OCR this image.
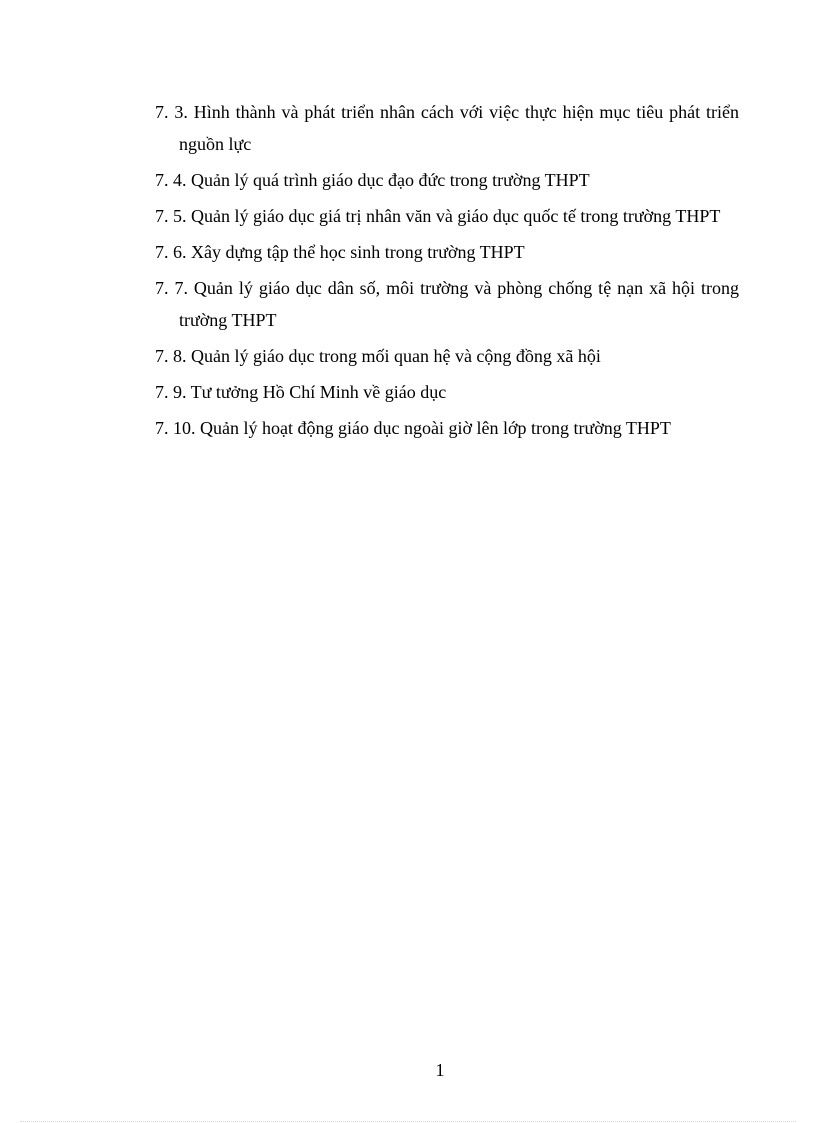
7. 3. Hình thành và phát triển nhân cách với việc thực hiện mục tiêu phát triển nguồn lực
7. 4. Quản lý quá trình giáo dục đạo đức trong trường THPT
7. 5. Quản lý giáo dục giá trị nhân văn và giáo dục quốc tế trong trường THPT
7. 6. Xây dựng tập thể học sinh trong trường THPT
7. 7. Quản lý giáo dục dân số, môi trường và phòng chống tệ nạn xã hội trong trường THPT
7. 8. Quản lý giáo dục trong mối quan hệ và cộng đồng xã hội
7. 9. Tư tưởng Hồ Chí Minh về giáo dục
7. 10. Quản lý hoạt động giáo dục ngoài giờ lên lớp trong trường THPT
1
